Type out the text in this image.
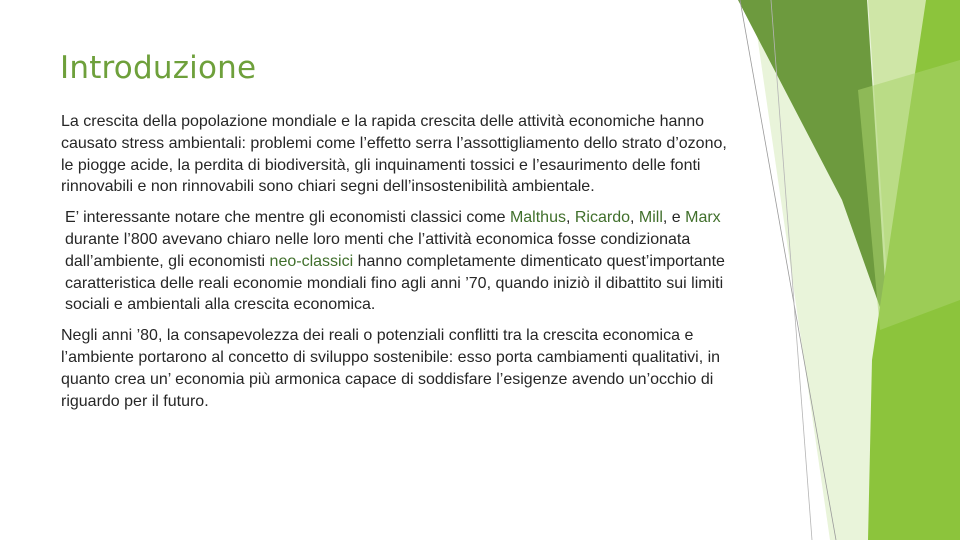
Introduzione

La crescita della popolazione mondiale e la rapida crescita delle attività economiche hanno causato stress ambientali: problemi come l’effetto serra l’assottigliamento dello strato d’ozono, le piogge acide, la perdita di biodiversità, gli inquinamenti tossici e l’esaurimento delle fonti rinnovabili e non rinnovabili sono chiari segni dell’insostenibilità ambientale.

E’ interessante notare che mentre gli economisti classici come Malthus, Ricardo, Mill, e Marx durante l’800 avevano chiaro nelle loro menti che l’attività economica fosse condizionata dall’ambiente, gli economisti neo-classici hanno completamente dimenticato quest’importante caratteristica delle reali economie mondiali fino agli anni ’70, quando iniziò il dibattito sui limiti sociali e ambientali alla crescita economica.

Negli anni ’80, la consapevolezza dei reali o potenziali conflitti tra la crescita economica e l’ambiente portarono al concetto di sviluppo sostenibile: esso porta cambiamenti qualitativi, in quanto crea un’ economia più armonica capace di soddisfare l’esigenze avendo un’occhio di riguardo per il futuro.
